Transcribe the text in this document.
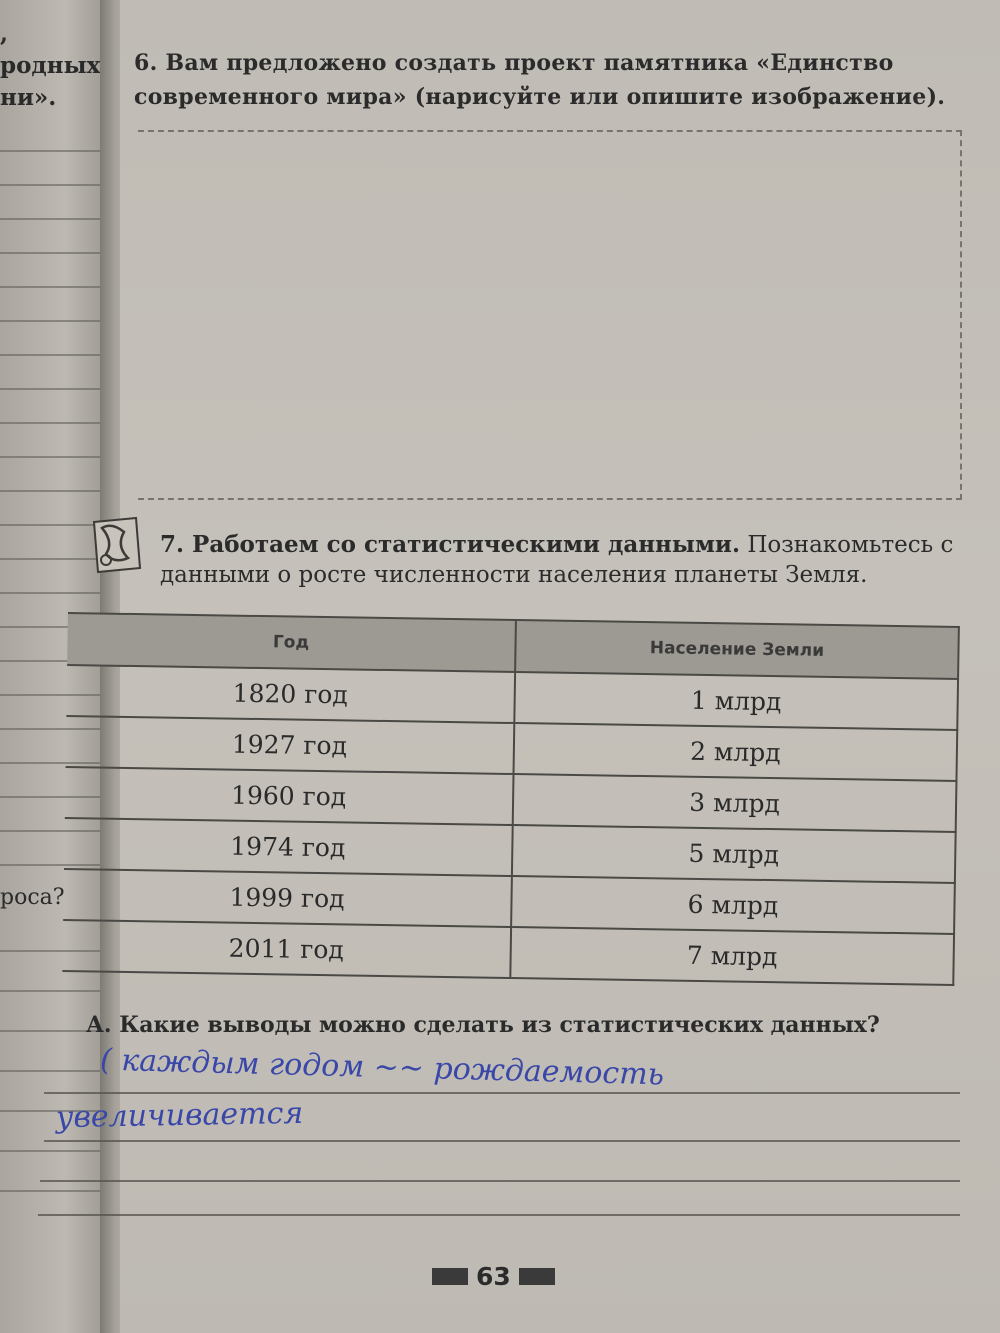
, родных
ни».
роса?
6. Вам предложено создать проект памятника «Единство современного мира» (нарисуйте или опишите изображение).
7. Работаем со статистическими данными. Познакомьтесь с данными о росте численности населения планеты Земля.
Год	Население Земли
1820 год	1 млрд
1927 год	2 млрд
1960 год	3 млрд
1974 год	5 млрд
1999 год	6 млрд
2011 год	7 млрд
А. Какие выводы можно сделать из статистических данных?
( каждым годом ~~ рождаемость
увеличивается
63
